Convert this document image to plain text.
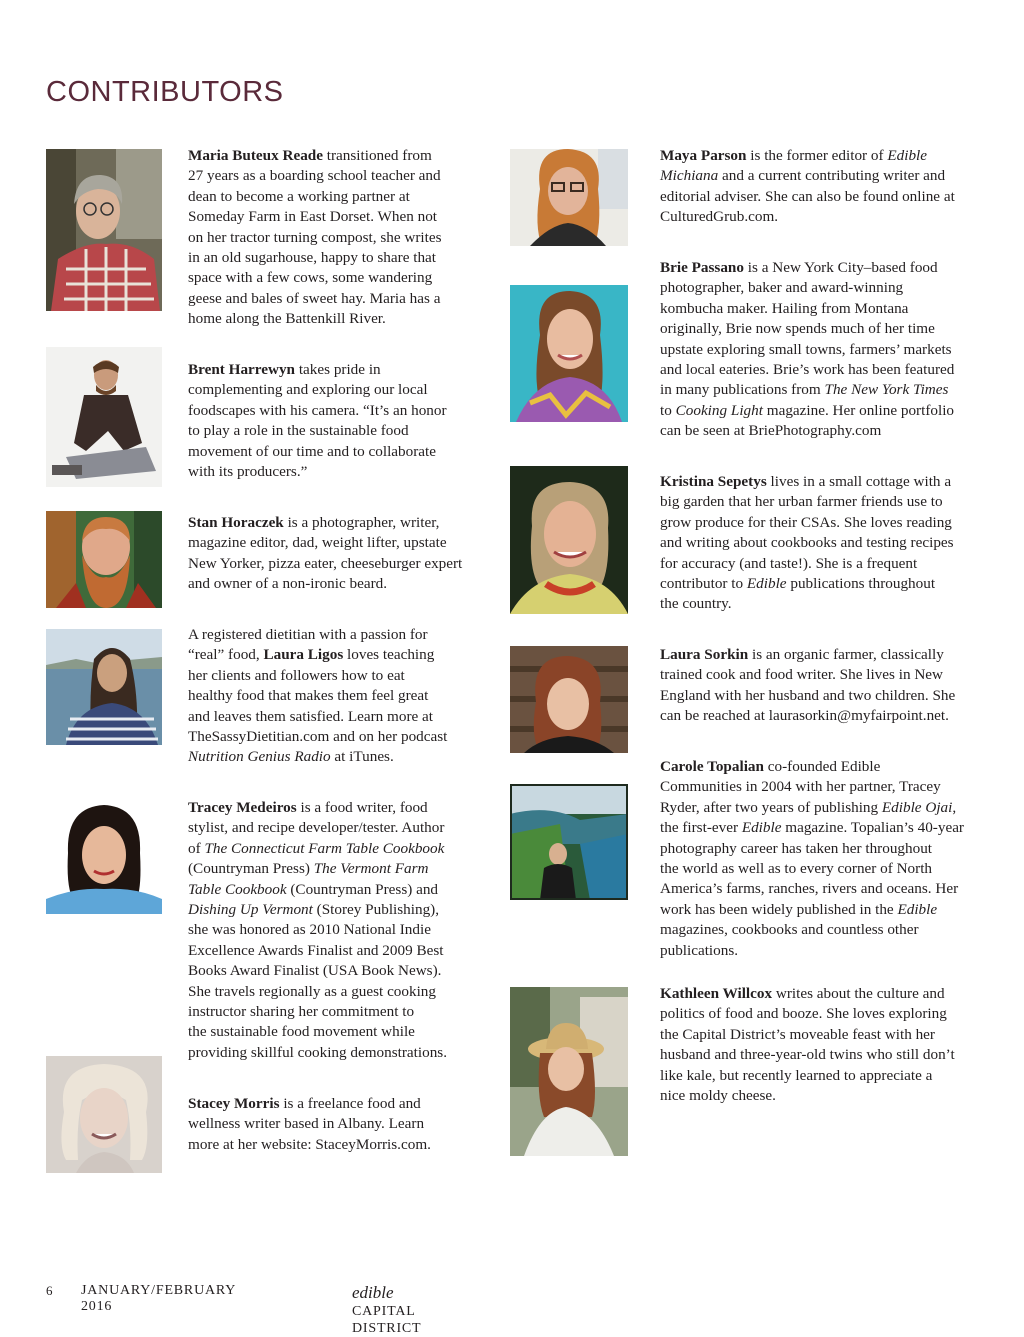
CONTRIBUTORS

Maria Buteux Reade transitioned from
27 years as a boarding school teacher and
dean to become a working partner at
Someday Farm in East Dorset. When not
on her tractor turning compost, she writes
in an old sugarhouse, happy to share that
space with a few cows, some wandering
geese and bales of sweet hay. Maria has a
home along the Battenkill River.

Brent Harrewyn takes pride in
complementing and exploring our local
foodscapes with his camera. “It’s an honor
to play a role in the sustainable food
movement of our time and to collaborate
with its producers.”

Stan Horaczek is a photographer, writer,
magazine editor, dad, weight lifter, upstate
New Yorker, pizza eater, cheeseburger expert
and owner of a non-ironic beard.

A registered dietitian with a passion for
“real” food, Laura Ligos loves teaching
her clients and followers how to eat
healthy food that makes them feel great
and leaves them satisfied. Learn more at
TheSassyDietitian.com and on her podcast
Nutrition Genius Radio at iTunes.

Tracey Medeiros is a food writer, food
stylist, and recipe developer/tester. Author
of The Connecticut Farm Table Cookbook
(Countryman Press) The Vermont Farm
Table Cookbook (Countryman Press) and
Dishing Up Vermont (Storey Publishing),
she was honored as 2010 National Indie
Excellence Awards Finalist and 2009 Best
Books Award Finalist (USA Book News).
She travels regionally as a guest cooking
instructor sharing her commitment to
the sustainable food movement while
providing skillful cooking demonstrations.

Stacey Morris is a freelance food and
wellness writer based in Albany. Learn
more at her website: StaceyMorris.com.

Maya Parson is the former editor of Edible
Michiana and a current contributing writer and
editorial adviser. She can also be found online at
CulturedGrub.com.

Brie Passano is a New York City–based food
photographer, baker and award-winning
kombucha maker. Hailing from Montana
originally, Brie now spends much of her time
upstate exploring small towns, farmers’ markets
and local eateries. Brie’s work has been featured
in many publications from The New York Times
to Cooking Light magazine. Her online portfolio
can be seen at BriePhotography.com

Kristina Sepetys lives in a small cottage with a
big garden that her urban farmer friends use to
grow produce for their CSAs. She loves reading
and writing about cookbooks and testing recipes
for accuracy (and taste!). She is a frequent
contributor to Edible publications throughout
the country.

Laura Sorkin is an organic farmer, classically
trained cook and food writer. She lives in New
England with her husband and two children. She
can be reached at laurasorkin@myfairpoint.net.

Carole Topalian co-founded Edible
Communities in 2004 with her partner, Tracey
Ryder, after two years of publishing Edible Ojai,
the first-ever Edible magazine. Topalian’s 40-year
photography career has taken her throughout
the world as well as to every corner of North
America’s farms, ranches, rivers and oceans. Her
work has been widely published in the Edible
magazines, cookbooks and countless other
publications.

Kathleen Willcox writes about the culture and
politics of food and booze. She loves exploring
the Capital District’s moveable feast with her
husband and three-year-old twins who still don’t
like kale, but recently learned to appreciate a
nice moldy cheese.

6 JANUARY/FEBRUARY 2016
edible CAPITAL DISTRICT
